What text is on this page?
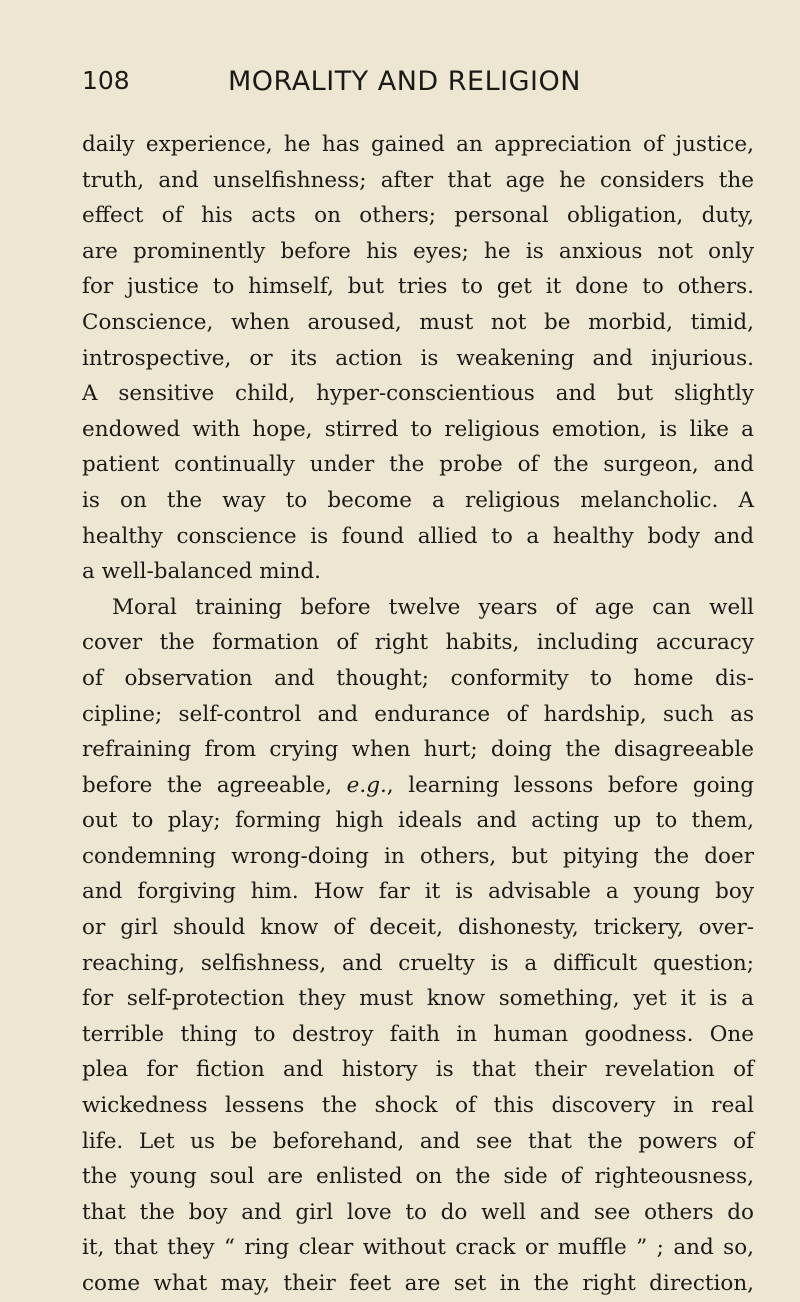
108	MORALITY AND RELIGION
daily experience, he has gained an appreciation of justice,
truth, and unselfishness; after that age he considers the
effect of his acts on others; personal obligation, duty,
are prominently before his eyes; he is anxious not only
for justice to himself, but tries to get it done to others.
Conscience, when aroused, must not be morbid, timid,
introspective, or its action is weakening and injurious.
A sensitive child, hyper-conscientious and but slightly
endowed with hope, stirred to religious emotion, is like a
patient continually under the probe of the surgeon, and
is on the way to become a religious melancholic. A
healthy conscience is found allied to a healthy body and
a well-balanced mind.
Moral training before twelve years of age can well
cover the formation of right habits, including accuracy
of observation and thought; conformity to home dis-
cipline; self-control and endurance of hardship, such as
refraining from crying when hurt; doing the disagreeable
before the agreeable, e.g., learning lessons before going
out to play; forming high ideals and acting up to them,
condemning wrong-doing in others, but pitying the doer
and forgiving him. How far it is advisable a young boy
or girl should know of deceit, dishonesty, trickery, over-
reaching, selfishness, and cruelty is a difficult question;
for self-protection they must know something, yet it is a
terrible thing to destroy faith in human goodness. One
plea for fiction and history is that their revelation of
wickedness lessens the shock of this discovery in real
life. Let us be beforehand, and see that the powers of
the young soul are enlisted on the side of righteousness,
that the boy and girl love to do well and see others do
it, that they “ ring clear without crack or muffle ” ; and so,
come what may, their feet are set in the right direction,
